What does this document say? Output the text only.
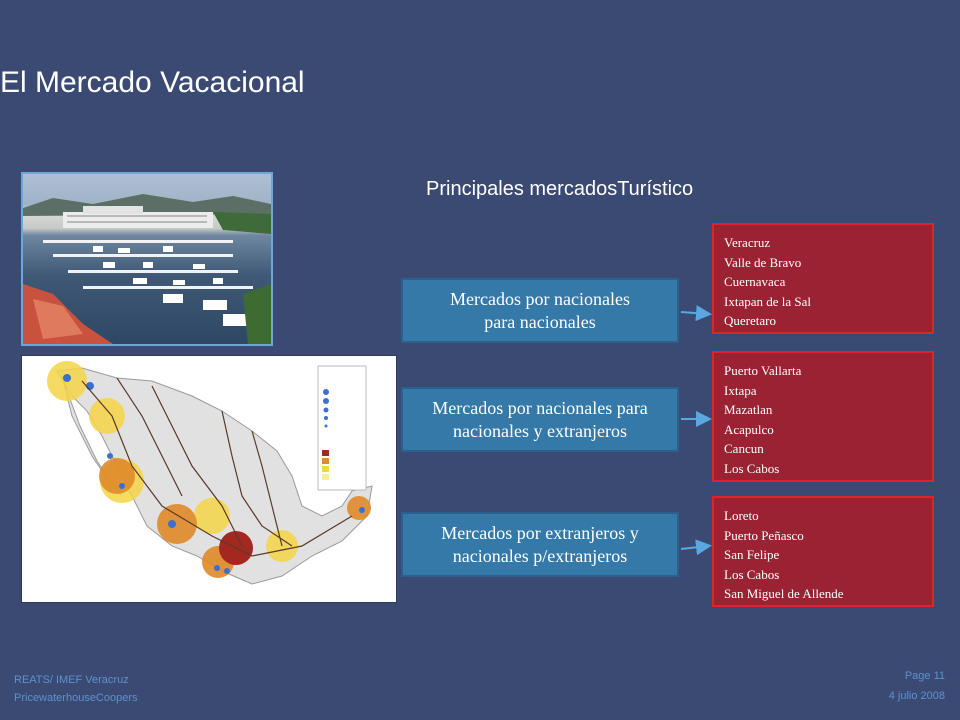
El Mercado Vacacional
Principales mercadosTurístico
Mercados por nacionales
para nacionales
Mercados por nacionales para
nacionales y extranjeros
Mercados por extranjeros y
nacionales p/extranjeros
Veracruz
Valle de Bravo
Cuernavaca
Ixtapan de la Sal
Queretaro
Puerto Vallarta
Ixtapa
Mazatlan
Acapulco
Cancun
Los Cabos
Loreto
Puerto Peñasco
San Felipe
Los Cabos
San Miguel de Allende
REATS/ IMEF Veracruz
PricewaterhouseCoopers
Page 11
4 julio 2008
